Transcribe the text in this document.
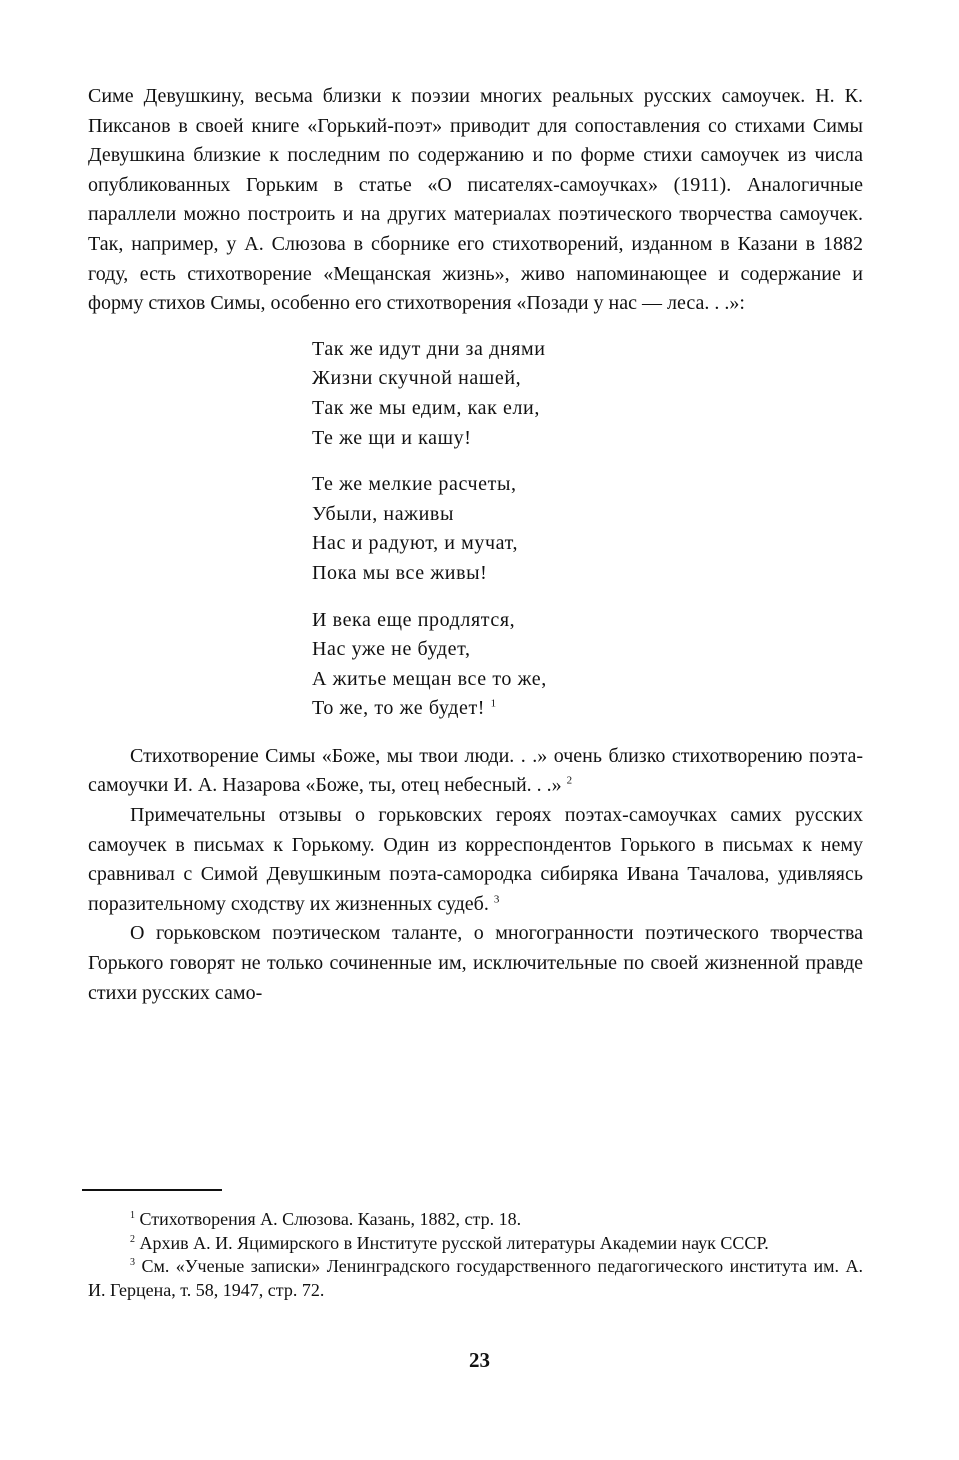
Симе Девушкину, весьма близки к поэзии многих реальных русских самоучек. Н. К. Пиксанов в своей книге «Горький-поэт» приводит для сопоставления со стихами Симы Девушкина близкие к последним по содержанию и по форме стихи самоучек из числа опубликованных Горьким в статье «О писателях-самоучках» (1911). Аналогичные параллели можно построить и на других материалах поэтического творчества самоучек. Так, например, у А. Слюзова в сборнике его стихотворений, изданном в Казани в 1882 году, есть стихотворение «Мещанская жизнь», живо напоминающее и содержание и форму стихов Симы, особенно его стихотворения «Позади у нас — леса. . .»:

Так же идут дни за днями
Жизни скучной нашей,
Так же мы едим, как ели,
Те же щи и кашу!
Те же мелкие расчеты,
Убыли, наживы
Нас и радуют, и мучат,
Пока мы все живы!
И века еще продлятся,
Нас уже не будет,
А житье мещан все то же,
То же, то же будет! $^1$

Стихотворение Симы «Боже, мы твои люди. . .» очень близко стихотворению поэта-самоучки И. А. Назарова «Боже, ты, отец небесный. . .» $^2$

Примечательны отзывы о горьковских героях поэтах-самоучках самих русских самоучек в письмах к Горькому. Один из корреспондентов Горького в письмах к нему сравнивал с Симой Девушкиным поэта-самородка сибиряка Ивана Тачалова, удивляясь поразительному сходству их жизненных судеб. $^3$

О горьковском поэтическом таланте, о многогранности поэтического творчества Горького говорят не только сочиненные им, исключительные по своей жизненной правде стихи русских само-

$^1$ Стихотворения А. Слюзова. Казань, 1882, стр. 18.

$^2$ Архив А. И. Яцимирского в Институте русской литературы Академии наук СССР.

$^3$ См. «Ученые записки» Ленинградского государственного педагогического института им. А. И. Герцена, т. 58, 1947, стр. 72.

23
